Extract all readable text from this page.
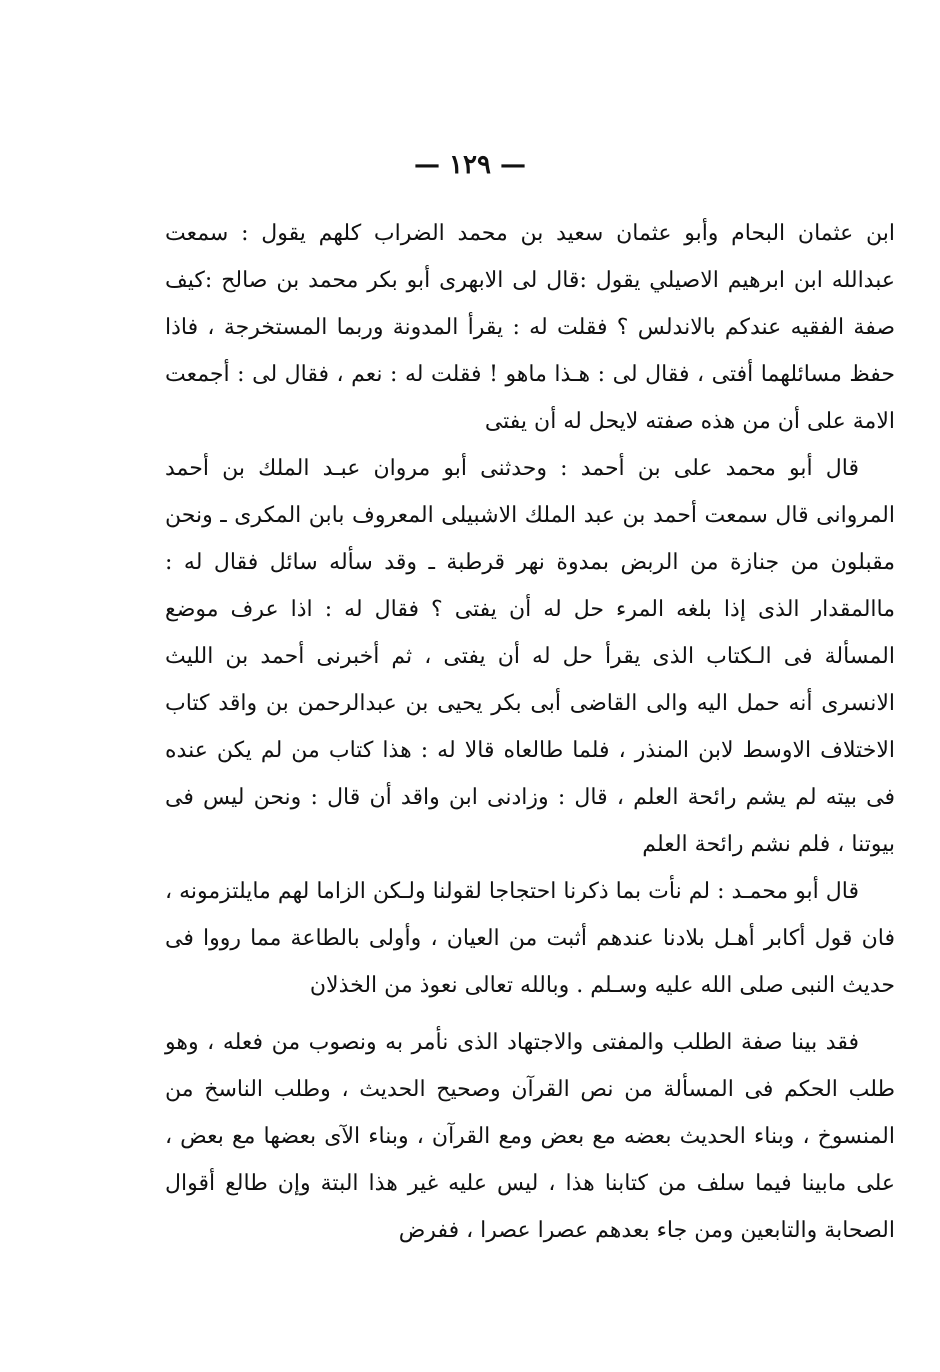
— ١٢٩ —

ابن عثمان البحام وأبو عثمان سعيد بن محمد الضراب كلهم يقول : سمعت عبدالله ابن ابرهيم الاصيلي يقول :قال لى الابهرى أبو بكر محمد بن صالح :كيف صفة الفقيه عندكم بالاندلس ؟ فقلت له : يقرأ المدونة وربما المستخرجة ، فاذا حفظ مسائلهما أفتى ، فقال لى : هـذا ماهو ! فقلت له : نعم ، فقال لى : أجمعت الامة على أن من هذه صفته لايحل له أن يفتى

قال أبو محمد على بن أحمد : وحدثنى أبو مروان عبـد الملك بن أحمد المروانى قال سمعت أحمد بن عبد الملك الاشبيلى المعروف بابن المكرى ـ ونحن مقبلون من جنازة من الربض بمدوة نهر قرطبة ـ وقد سأله سائل فقال له : ماالمقدار الذى إذا بلغه المرء حل له أن يفتى ؟ فقال له : اذا عرف موضع المسألة فى الـكتاب الذى يقرأ حل له أن يفتى ، ثم أخبرنى أحمد بن الليث الانسرى أنه حمل اليه والى القاضى أبى بكر يحيى بن عبدالرحمن بن واقد كتاب الاختلاف الاوسط لابن المنذر ، فلما طالعاه قالا له : هذا كتاب من لم يكن عنده فى بيته لم يشم رائحة العلم ، قال : وزادنى ابن واقد أن قال : ونحن ليس فى بيوتنا ، فلم نشم رائحة العلم

قال أبو محمـد : لم نأت بما ذكرنا احتجاجا لقولنا ولـكن الزاما لهم مايلتزمونه ، فان قول أكابر أهـل بلادنا عندهم أثبت من العيان ، وأولى بالطاعة مما رووا فى حديث النبى صلى الله عليه وسـلم . وبالله تعالى نعوذ من الخذلان

فقد بينا صفة الطلب والمفتى والاجتهاد الذى نأمر به ونصوب من فعله ، وهو طلب الحكم فى المسألة من نص القرآن وصحيح الحديث ، وطلب الناسخ من المنسوخ ، وبناء الحديث بعضه مع بعض ومع القرآن ، وبناء الآى بعضها مع بعض ، على مابينا فيما سلف من كتابنا هذا ، ليس عليه غير هذا البتة وإن طالع أقوال الصحابة والتابعين ومن جاء بعدهم عصرا عصرا ، ففرض
